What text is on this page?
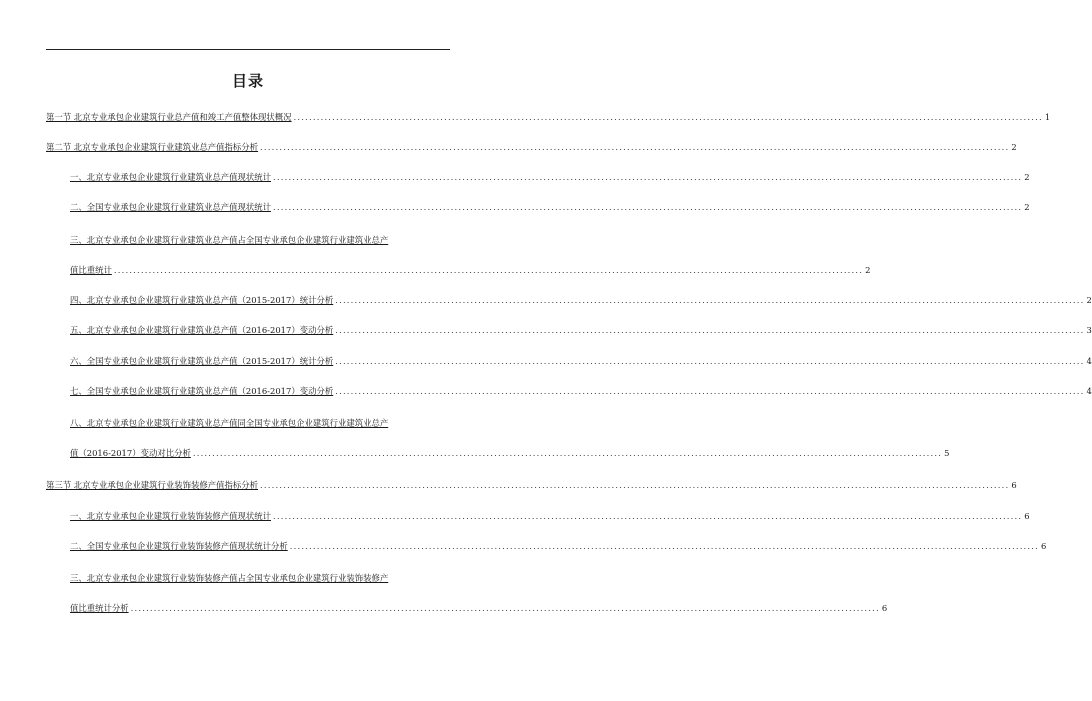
目录
第一节 北京专业承包企业建筑行业总产值和竣工产值整体现状概况 .................................................................................................................................................................................................. 1
第二节 北京专业承包企业建筑行业建筑业总产值指标分析 .................................................................................................................................................................................................. 2
一、北京专业承包企业建筑行业建筑业总产值现状统计 .................................................................................................................................................................................................. 2
二、全国专业承包企业建筑行业建筑业总产值现状统计 .................................................................................................................................................................................................. 2
三、北京专业承包企业建筑行业建筑业总产值占全国专业承包企业建筑行业建筑业总产
值比重统计 .................................................................................................................................................................................................. 2
四、北京专业承包企业建筑行业建筑业总产值（2015-2017）统计分析 .................................................................................................................................................................................................. 2
五、北京专业承包企业建筑行业建筑业总产值（2016-2017）变动分析 .................................................................................................................................................................................................. 3
六、全国专业承包企业建筑行业建筑业总产值（2015-2017）统计分析 .................................................................................................................................................................................................. 4
七、全国专业承包企业建筑行业建筑业总产值（2016-2017）变动分析 .................................................................................................................................................................................................. 4
八、北京专业承包企业建筑行业建筑业总产值同全国专业承包企业建筑行业建筑业总产
值（2016-2017）变动对比分析 .................................................................................................................................................................................................. 5
第三节 北京专业承包企业建筑行业装饰装修产值指标分析 .................................................................................................................................................................................................. 6
一、北京专业承包企业建筑行业装饰装修产值现状统计 .................................................................................................................................................................................................. 6
二、全国专业承包企业建筑行业装饰装修产值现状统计分析 .................................................................................................................................................................................................. 6
三、北京专业承包企业建筑行业装饰装修产值占全国专业承包企业建筑行业装饰装修产
值比重统计分析 .................................................................................................................................................................................................. 6
